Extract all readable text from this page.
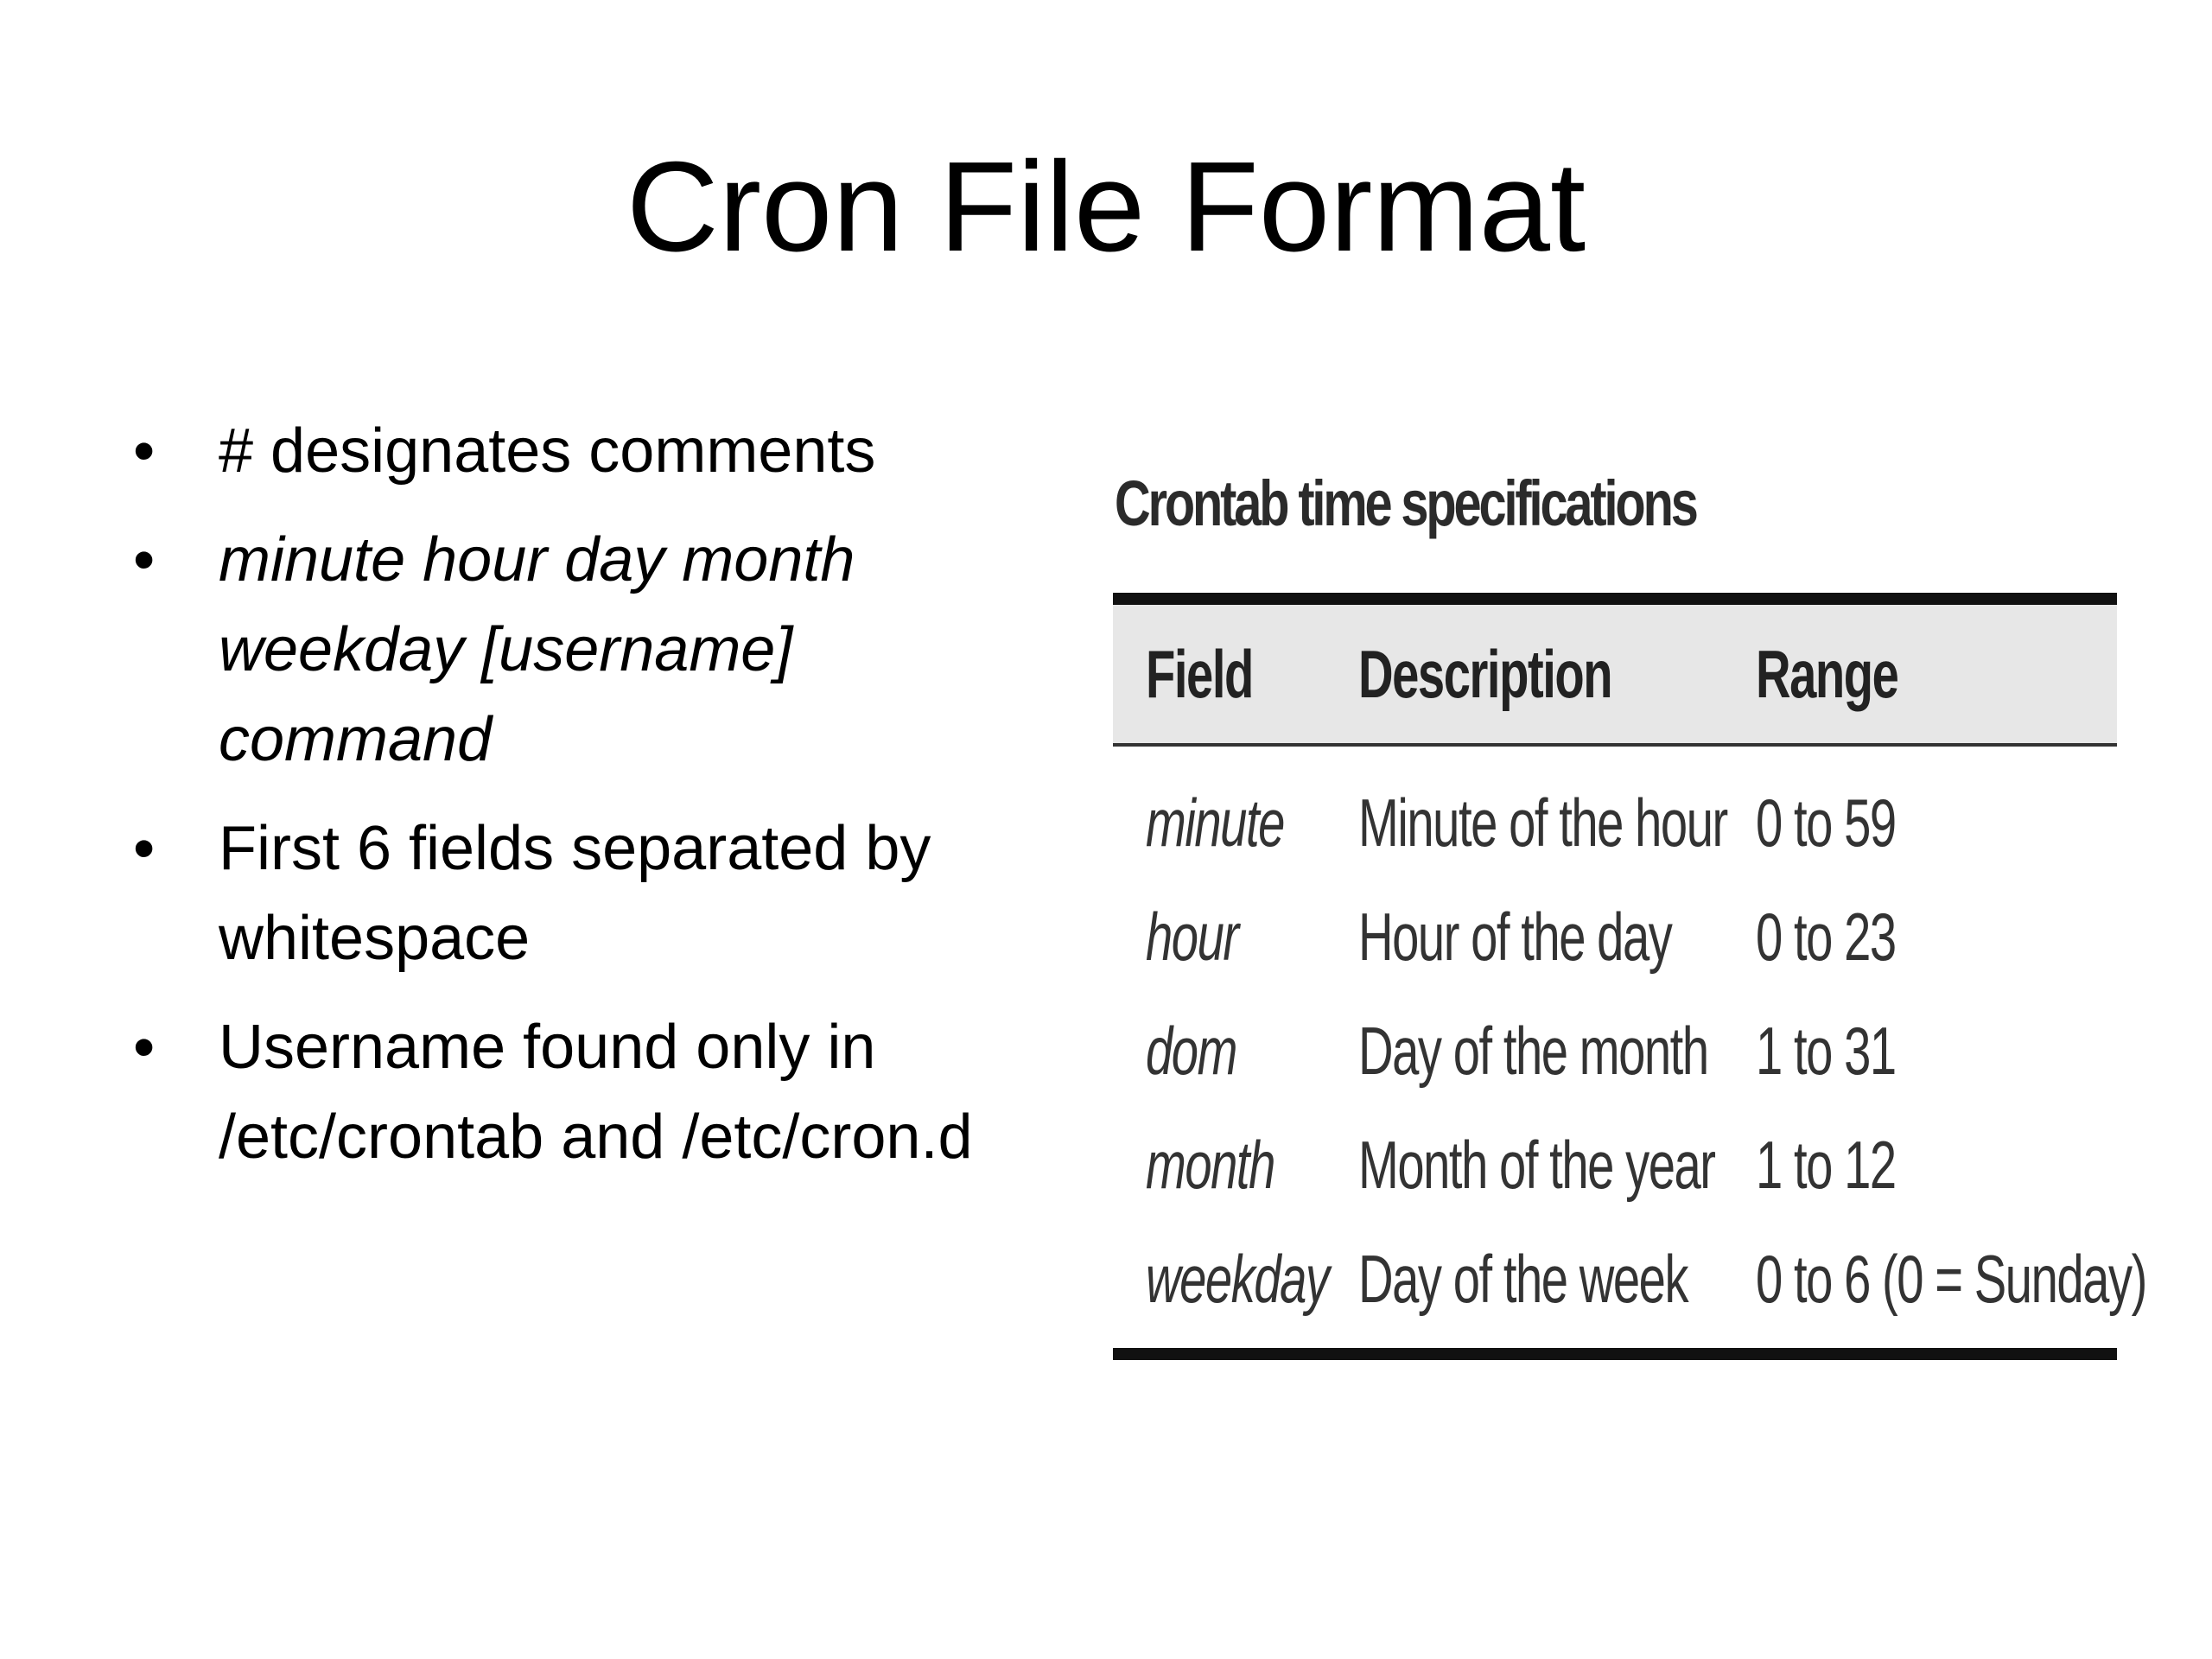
Cron File Format
• # designates comments
• minute hour day month weekday [username] command
• First 6 fields separated by whitespace
• Username found only in /etc/crontab and /etc/cron.d
Crontab time specifications
Field	Description	Range
minute	Minute of the hour	0 to 59
hour	Hour of the day	0 to 23
dom	Day of the month	1 to 31
month	Month of the year	1 to 12
weekday	Day of the week	0 to 6 (0 = Sunday)
